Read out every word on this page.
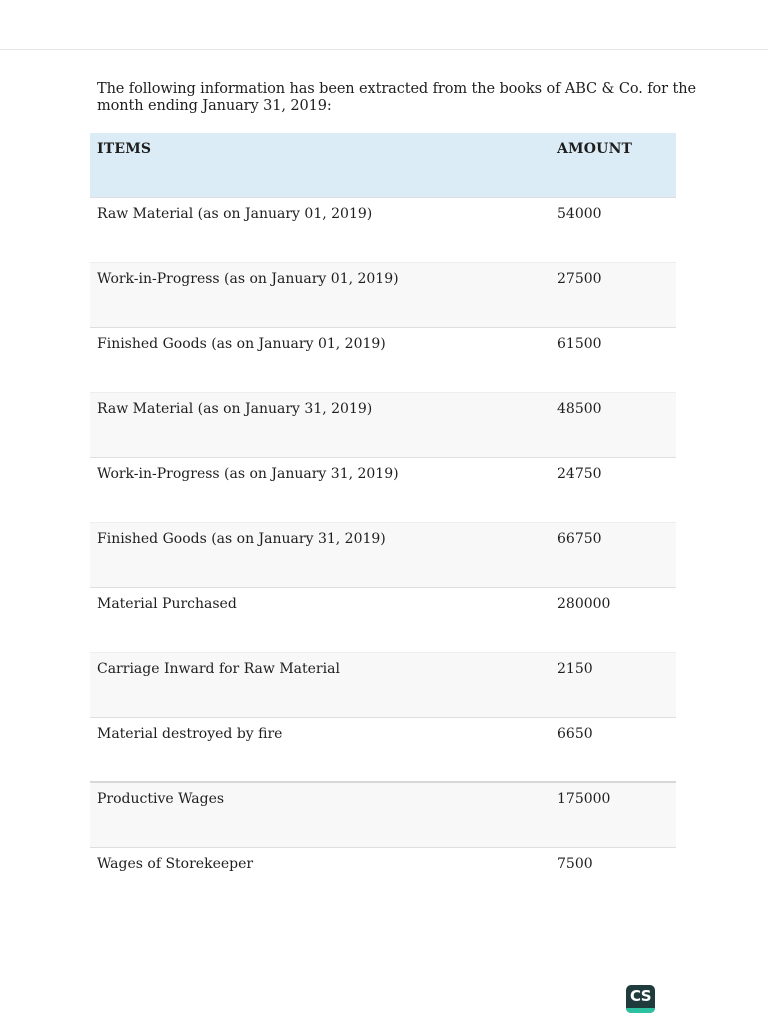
The following information has been extracted from the books of ABC & Co. for the
month ending January 31, 2019:
ITEMS	AMOUNT
Raw Material (as on January 01, 2019)	54000
Work-in-Progress (as on January 01, 2019)	27500
Finished Goods (as on January 01, 2019)	61500
Raw Material (as on January 31, 2019)	48500
Work-in-Progress (as on January 31, 2019)	24750
Finished Goods (as on January 31, 2019)	66750
Material Purchased	280000
Carriage Inward for Raw Material	2150
Material destroyed by fire	6650
Productive Wages	175000
Wages of Storekeeper	7500
CS
